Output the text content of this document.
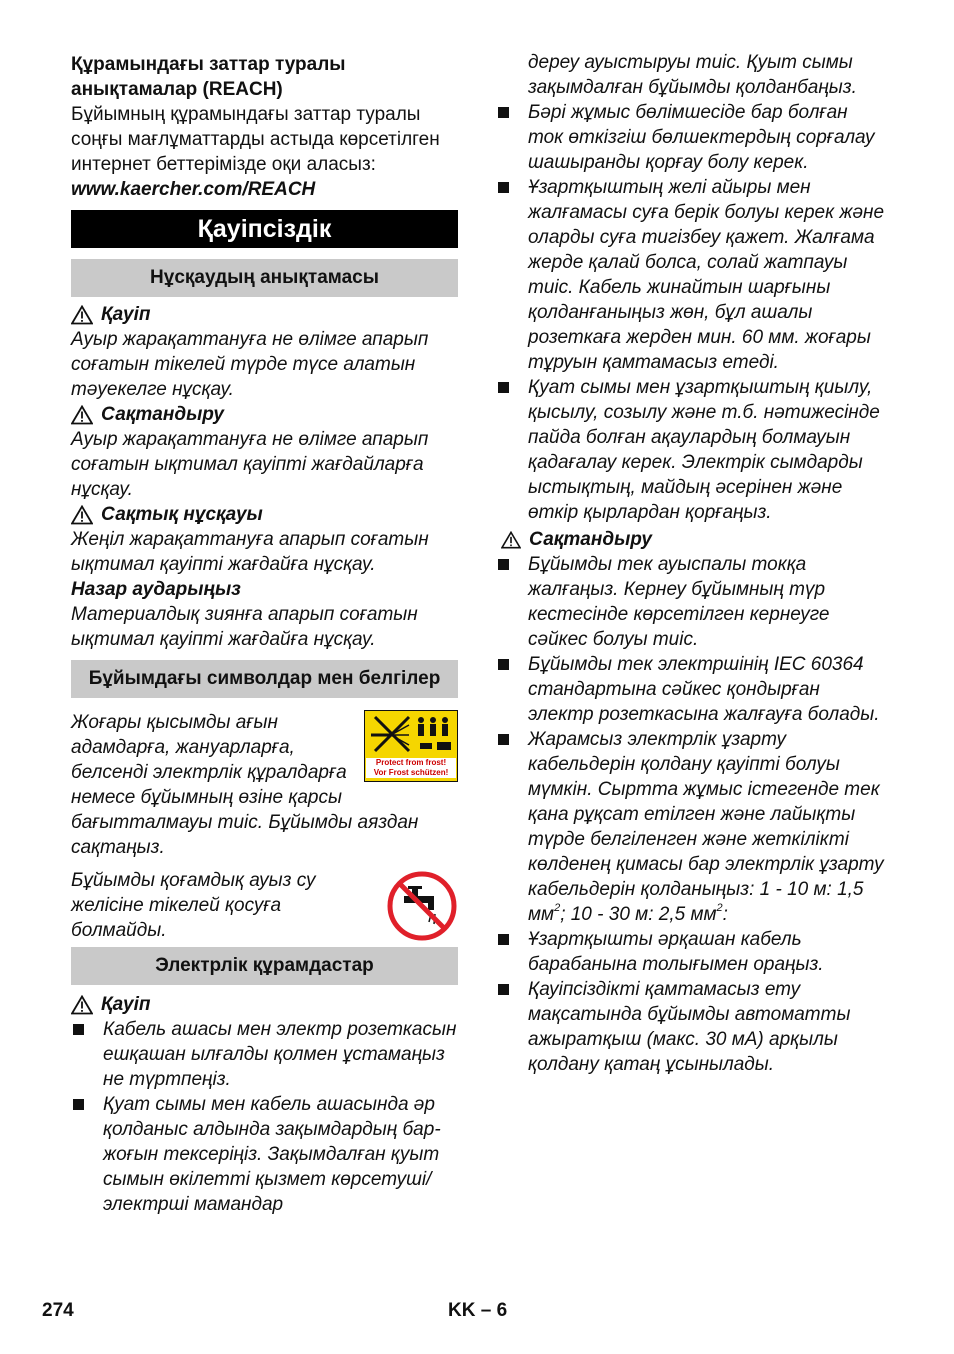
Құрамындағы заттар туралы анықтамалар (REACH)

Бұйымның құрамындағы заттар туралы соңғы мағлұматтарды астыда көрсетілген интернет беттерімізде оқи аласыз:

www.kaercher.com/REACH

Қауіпсіздік
Нұсқаудың анықтамасы
Қауіп

Ауыр жарақаттануға не өлімге апарып соғатын тікелей түрде түсе алатын тәуекелге нұсқау.

Сақтандыру

Ауыр жарақаттануға не өлімге апарып соғатын ықтимал қауіпті жағдайларға нұсқау.

Сақтық нұсқауы

Жеңіл жарақаттануға апарып соғатын ықтимал қауіпті жағдайға нұсқау.

Назар аударыңыз

Материалдық зиянға апарып соғатын ықтимал қауіпті жағдайға нұсқау.

Бұйымдағы символдар мен белгілер
Protect from frost!
Vor Frost schützen!

Жоғары қысымды ағын адамдарға, жануарларға, белсенді электрлік құралдарға немесе бұйымның өзіне қарсы бағытталмауы тиіс. Бұйымды аяздан сақтаңыз.

Бұйымды қоғамдық ауыз су желісіне тікелей қосуға болмайды.

Электрлік құрамдастар
Қауіп
Кабель ашасы мен электр розеткасын ешқашан ылғалды қолмен ұстамаңыз не түртпеңіз.
Қуат сымы мен кабель ашасында әр қолданыс алдында зақымдардың бар-жоғын тексеріңіз. Зақымдалған қуыт сымын өкілетті қызмет көрсетуші/электрші мамандар

дереу ауыстыруы тиіс. Қуыт сымы зақымдалған бұйымды қолданбаңыз.

Бәрі жұмыс бөлімшесіде бар болған ток өткізгіш бөлшектердың сорғалау шашыранды қорғау болу керек.
Ұзартқыштың желі айыры мен жалғамасы суға берік болуы керек және оларды суға тигізбеу қажет. Жалғама жерде қалай болса, солай жатпауы тиіс. Кабель жинайтын шарғыны қолданғаныңыз жөн, бұл ашалы розеткаға жерден мин. 60 мм. жоғары тұруын қамтамасыз етеді.
Қуат сымы мен ұзартқыштың қиылу, қысылу, созылу және т.б. нәтижесінде пайда болған ақаулардың болмауын қадағалау керек. Электрік сымдарды ыстықтың, майдың әсерінен және өткір қырлардан қорғаңыз.
Сақтандыру
Бұйымды тек ауыспалы токқа жалғаңыз. Кернеу бұйымның түр кестесінде көрсетілген кернеуге сәйкес болуы тиіс.
Бұйымды тек электршінің IEC 60364 стандартына сәйкес қондырған электр розеткасына жалғауға болады.
Жарамсыз электрлік ұзарту кабельдерін қолдану қауіпті болуы мүмкін. Сыртта жұмыс істегенде тек қана рұқсат етілген және лайықты түрде белгіленген және жеткілікті көлденең қимасы бар электрлік ұзарту кабельдерін қолданыңыз: 1 - 10 м: 1,5 $мм^2$; 10 - 30 м: 2,5 $мм^2$:
Ұзартқышты әрқашан кабель барабанына толығымен ораңыз.
Қауіпсіздікті қамтамасыз ету мақсатында бұйымды автоматты ажыратқыш (макс. 30 мА) арқылы қолдану қатаң ұсынылады.
274	KK – 6
